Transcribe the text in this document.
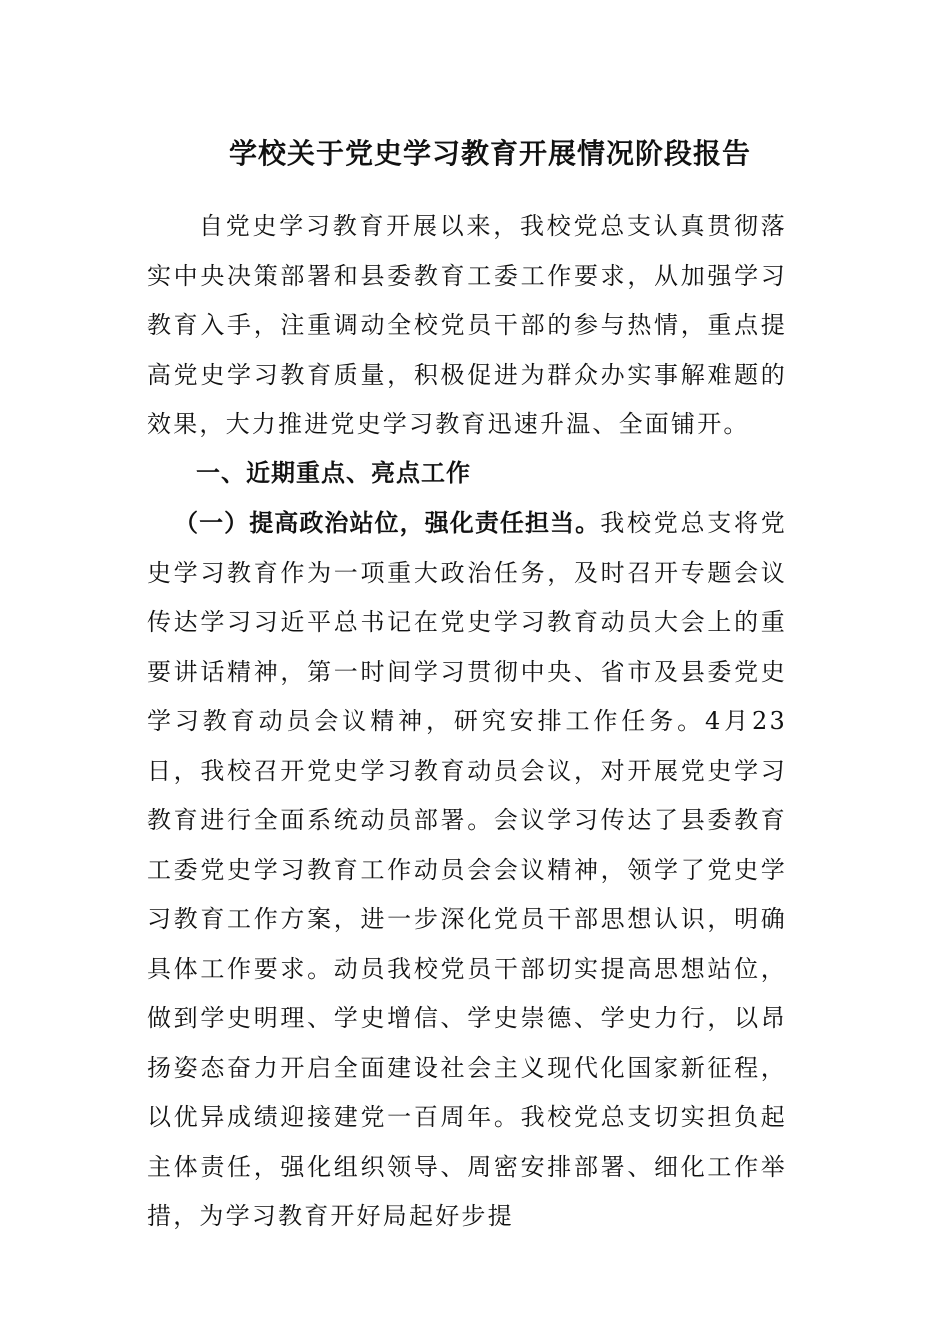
学校关于党史学习教育开展情况阶段报告

自党史学习教育开展以来，我校党总支认真贯彻落实中央决策部署和县委教育工委工作要求，从加强学习教育入手，注重调动全校党员干部的参与热情，重点提高党史学习教育质量，积极促进为群众办实事解难题的效果，大力推进党史学习教育迅速升温、全面铺开。

一、近期重点、亮点工作

（一）提高政治站位，强化责任担当。我校党总支将党史学习教育作为一项重大政治任务，及时召开专题会议传达学习习近平总书记在党史学习教育动员大会上的重要讲话精神，第一时间学习贯彻中央、省市及县委党史学习教育动员会议精神，研究安排工作任务。4月23日，我校召开党史学习教育动员会议，对开展党史学习教育进行全面系统动员部署。会议学习传达了县委教育工委党史学习教育工作动员会会议精神，领学了党史学习教育工作方案，进一步深化党员干部思想认识，明确具体工作要求。动员我校党员干部切实提高思想站位，做到学史明理、学史增信、学史崇德、学史力行，以昂扬姿态奋力开启全面建设社会主义现代化国家新征程，以优异成绩迎接建党一百周年。我校党总支切实担负起主体责任，强化组织领导、周密安排部署、细化工作举措，为学习教育开好局起好步提
